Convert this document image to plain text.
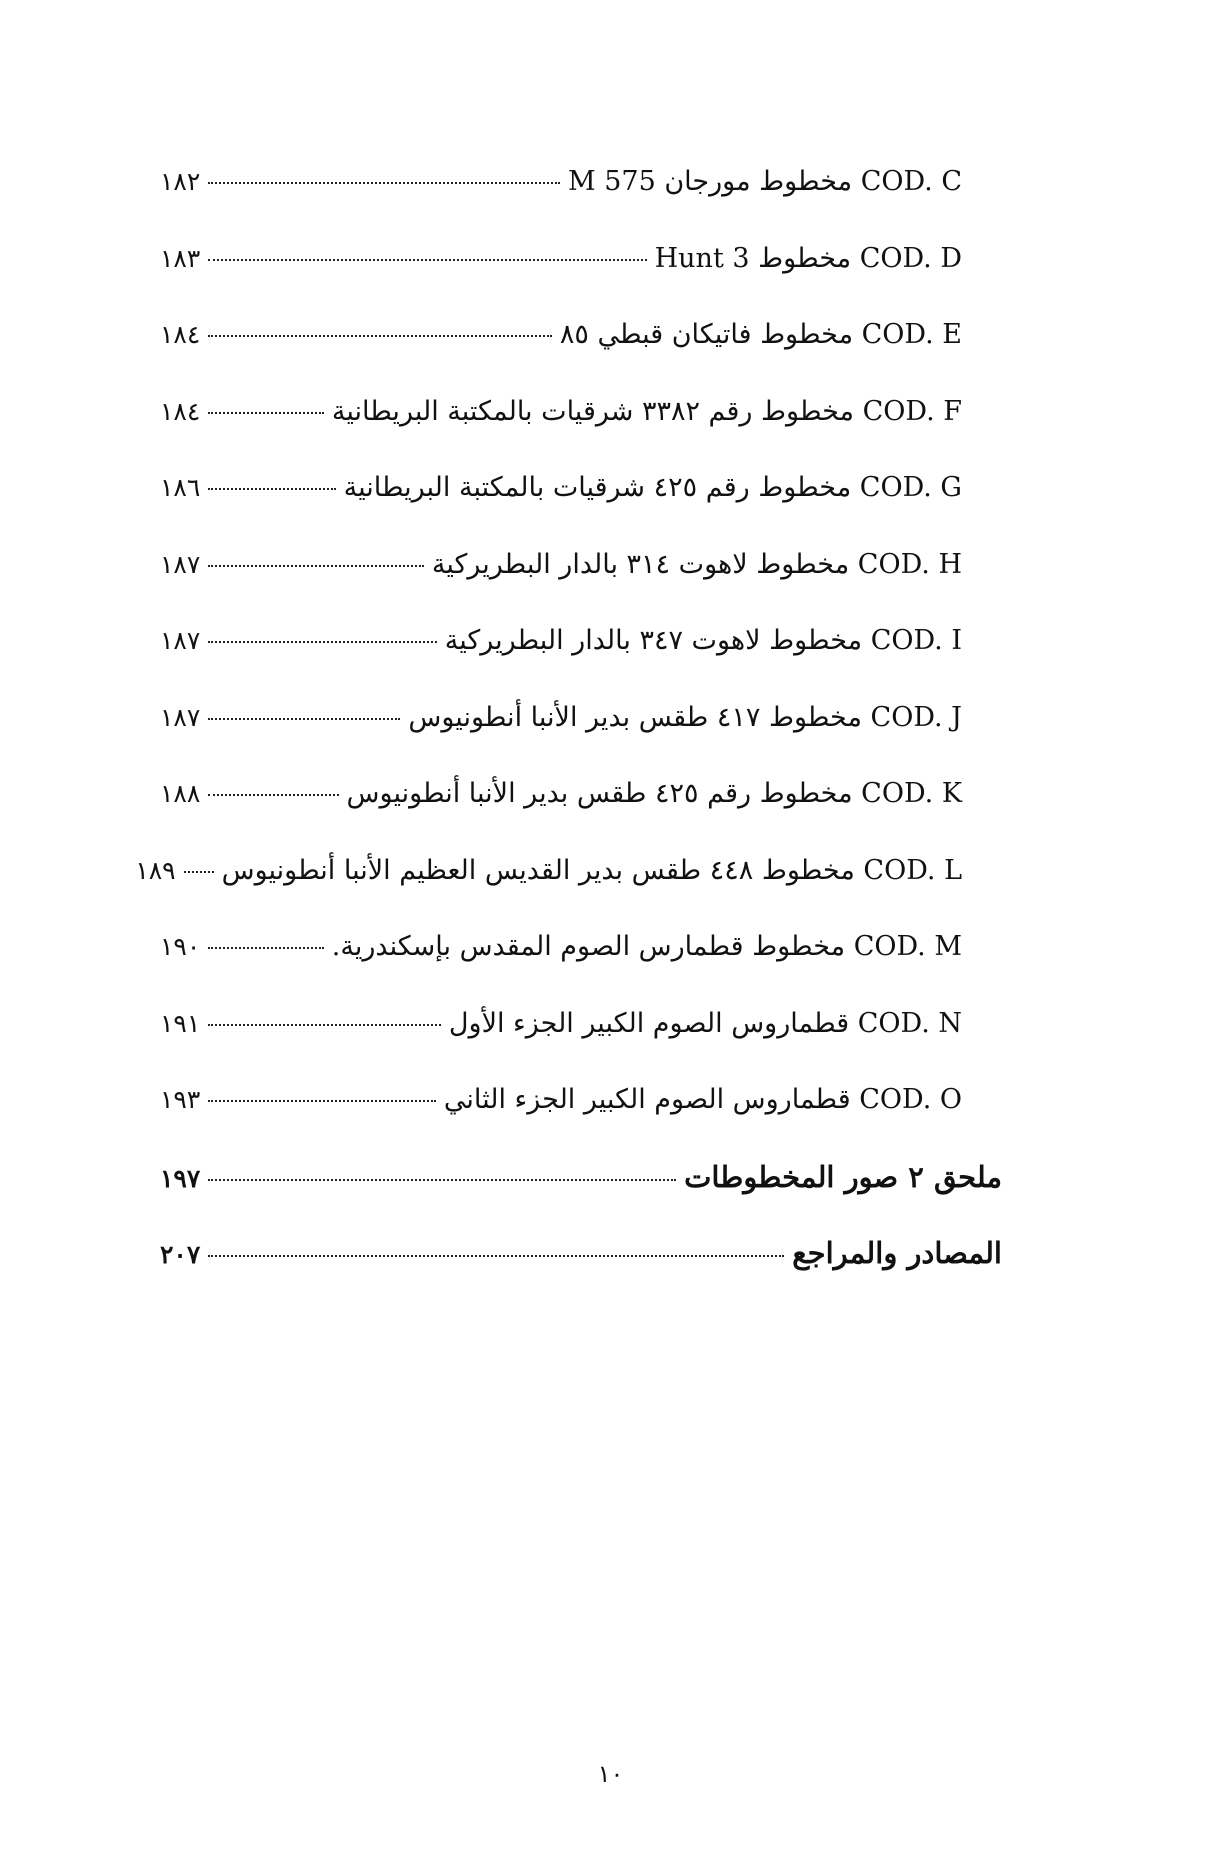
COD. C مخطوط مورجان M 575
١٨٢
COD. D مخطوط Hunt 3
١٨٣
COD. E مخطوط فاتيكان قبطي ٨٥
١٨٤
COD. F مخطوط رقم ٣٣٨٢ شرقيات بالمكتبة البريطانية
١٨٤
COD. G مخطوط رقم ٤٢٥ شرقيات بالمكتبة البريطانية
١٨٦
COD. H مخطوط لاهوت ٣١٤ بالدار البطريركية
١٨٧
COD. I مخطوط لاهوت ٣٤٧ بالدار البطريركية
١٨٧
COD. J مخطوط ٤١٧ طقس بدير الأنبا أنطونيوس
١٨٧
COD. K مخطوط رقم ٤٢٥ طقس بدير الأنبا أنطونيوس
١٨٨
COD. L مخطوط ٤٤٨ طقس بدير القديس العظيم الأنبا أنطونيوس
١٨٩
COD. M مخطوط قطمارس الصوم المقدس بإسكندرية.
١٩٠
COD. N قطماروس الصوم الكبير الجزء الأول
١٩١
COD. O قطماروس الصوم الكبير الجزء الثاني
١٩٣
ملحق ٢ صور المخطوطات
١٩٧
المصادر والمراجع
٢٠٧
١٠
